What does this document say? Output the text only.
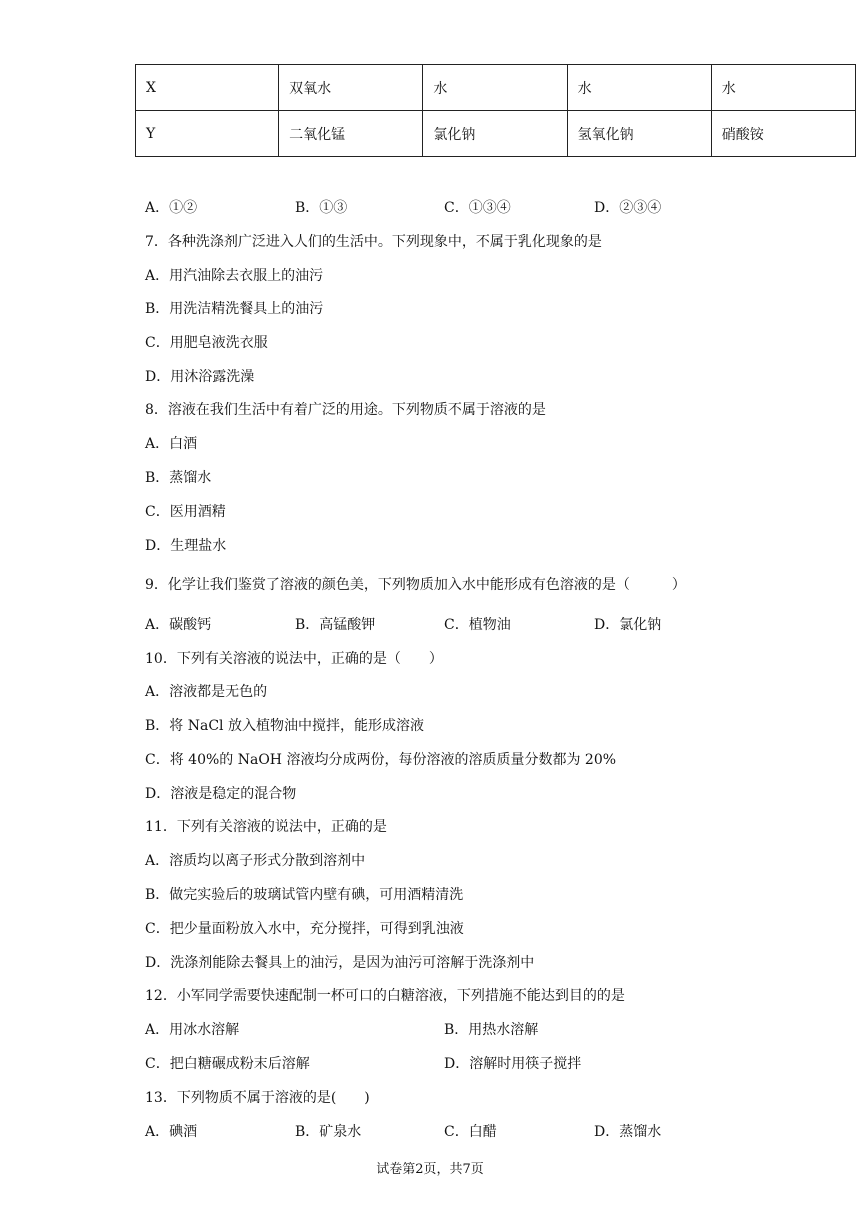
X	双氧水	水	水	水
Y	二氧化锰	氯化钠	氢氧化钠	硝酸铵
A．①②	B．①③	C．①③④	D．②③④
7．各种洗涤剂广泛进入人们的生活中。下列现象中，不属于乳化现象的是
A．用汽油除去衣服上的油污
B．用洗洁精洗餐具上的油污
C．用肥皂液洗衣服
D．用沐浴露洗澡
8．溶液在我们生活中有着广泛的用途。下列物质不属于溶液的是
A．白酒
B．蒸馏水
C．医用酒精
D．生理盐水
9．化学让我们鉴赏了溶液的颜色美，下列物质加入水中能形成有色溶液的是（　　　）
A．碳酸钙	B．高锰酸钾	C．植物油	D．氯化钠
10．下列有关溶液的说法中，正确的是（　　）
A．溶液都是无色的
B．将 NaCl 放入植物油中搅拌，能形成溶液
C．将 40%的 NaOH 溶液均分成两份，每份溶液的溶质质量分数都为 20%
D．溶液是稳定的混合物
11．下列有关溶液的说法中，正确的是
A．溶质均以离子形式分散到溶剂中
B．做完实验后的玻璃试管内壁有碘，可用酒精清洗
C．把少量面粉放入水中，充分搅拌，可得到乳浊液
D．洗涤剂能除去餐具上的油污，是因为油污可溶解于洗涤剂中
12．小军同学需要快速配制一杯可口的白糖溶液，下列措施不能达到目的的是
A．用冰水溶解	B．用热水溶解
C．把白糖碾成粉末后溶解	D．溶解时用筷子搅拌
13．下列物质不属于溶液的是(　　)
A．碘酒	B．矿泉水	C．白醋	D．蒸馏水
试卷第2页，共7页
